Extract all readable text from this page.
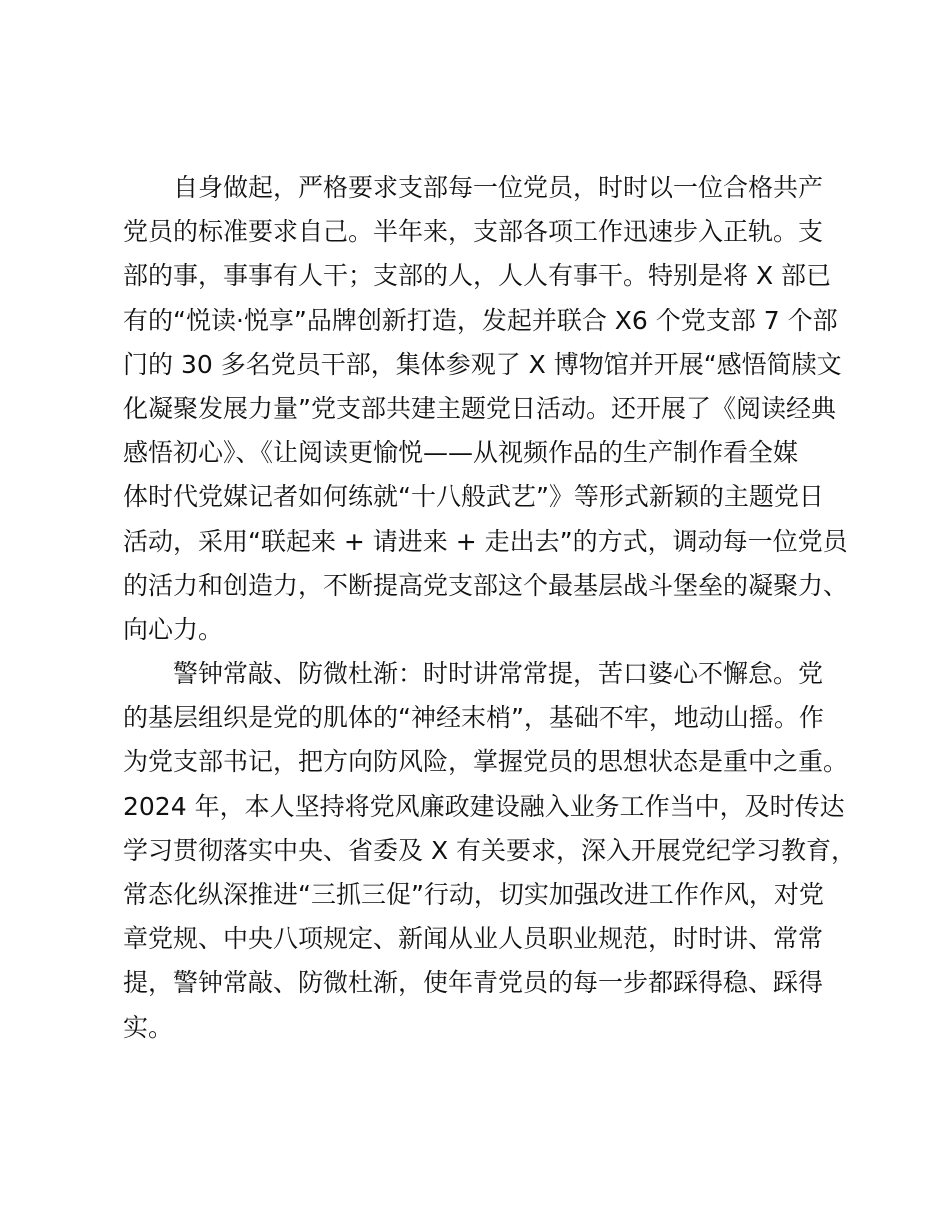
　　自身做起，严格要求支部每一位党员，时时以一位合格共产
党员的标准要求自己。半年来，支部各项工作迅速步入正轨。支
部的事，事事有人干；支部的人，人人有事干。特别是将 X 部已
有的“悦读·悦享”品牌创新打造，发起并联合 X6 个党支部 7 个部
门的 30 多名党员干部，集体参观了 X 博物馆并开展“感悟简牍文
化凝聚发展力量”党支部共建主题党日活动。还开展了《阅读经典
感悟初心》、《让阅读更愉悦——从视频作品的生产制作看全媒
体时代党媒记者如何练就“十八般武艺”》等形式新颖的主题党日
活动，采用“联起来 + 请进来 + 走出去”的方式，调动每一位党员
的活力和创造力，不断提高党支部这个最基层战斗堡垒的凝聚力、
向心力。
　　警钟常敲、防微杜渐：时时讲常常提，苦口婆心不懈怠。党
的基层组织是党的肌体的“神经末梢”，基础不牢，地动山摇。作
为党支部书记，把方向防风险，掌握党员的思想状态是重中之重。
2024 年，本人坚持将党风廉政建设融入业务工作当中，及时传达
学习贯彻落实中央、省委及 X 有关要求，深入开展党纪学习教育，
常态化纵深推进“三抓三促”行动，切实加强改进工作作风，对党
章党规、中央八项规定、新闻从业人员职业规范，时时讲、常常
提，警钟常敲、防微杜渐，使年青党员的每一步都踩得稳、踩得
实。
